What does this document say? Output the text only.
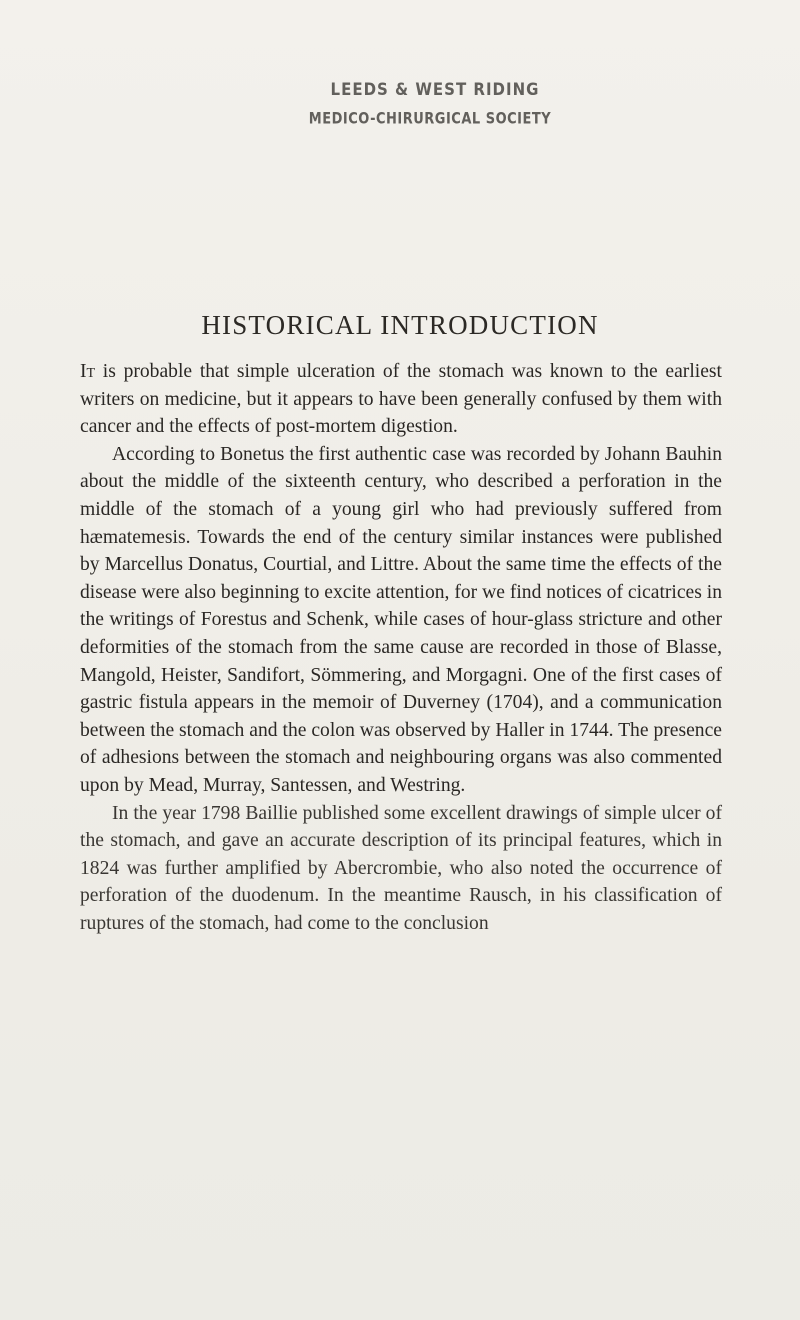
LEEDS & WEST RIDING
MEDICO-CHIRURGICAL SOCIETY
HISTORICAL INTRODUCTION

It is probable that simple ulceration of the stomach was known to the earliest writers on medicine, but it appears to have been generally confused by them with cancer and the effects of post-mortem digestion.

According to Bonetus the first authentic case was recorded by Johann Bauhin about the middle of the sixteenth century, who described a perforation in the middle of the stomach of a young girl who had previously suffered from hæmatemesis. Towards the end of the century similar instances were published by Marcellus Donatus, Courtial, and Littre. About the same time the effects of the disease were also beginning to excite attention, for we find notices of cicatrices in the writings of Forestus and Schenk, while cases of hour-glass stricture and other deformities of the stomach from the same cause are recorded in those of Blasse, Mangold, Heister, Sandifort, Sömmering, and Morgagni. One of the first cases of gastric fistula appears in the memoir of Duverney (1704), and a communication between the stomach and the colon was observed by Haller in 1744. The presence of adhesions between the stomach and neighbouring organs was also commented upon by Mead, Murray, Santessen, and Westring.

In the year 1798 Baillie published some excellent drawings of simple ulcer of the stomach, and gave an accurate description of its principal features, which in 1824 was further amplified by Abercrombie, who also noted the occurrence of perforation of the duodenum. In the meantime Rausch, in his classification of ruptures of the stomach, had come to the conclusion
